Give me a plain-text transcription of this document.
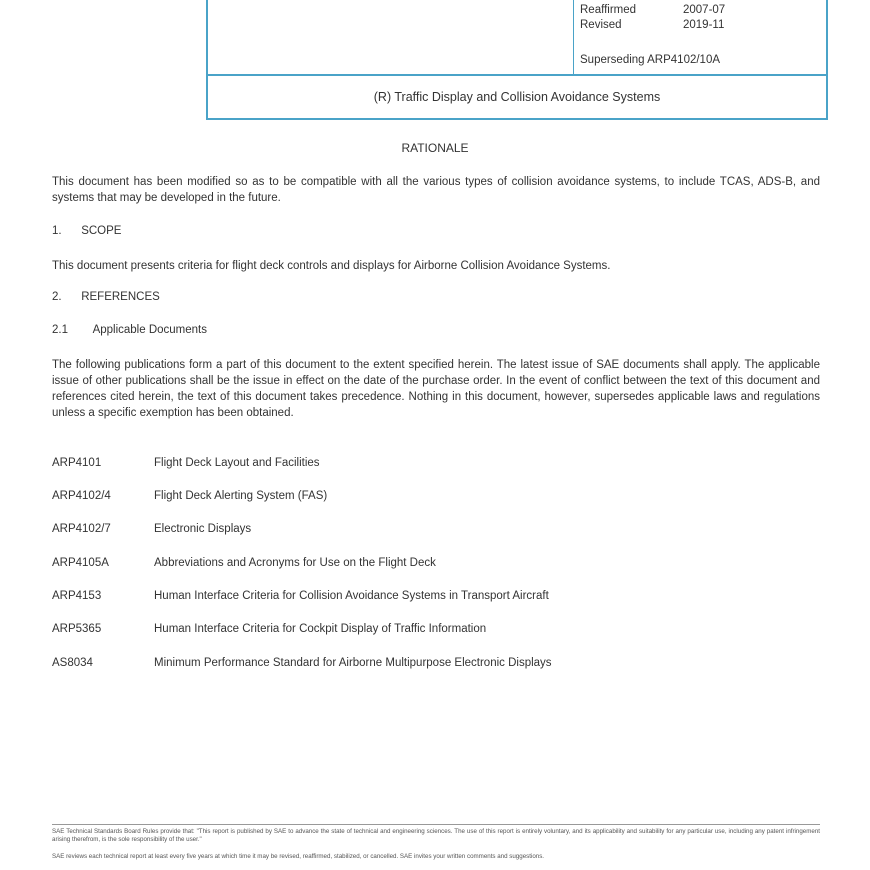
Reaffirmed	2007-07
Revised	2019-11
Superseding ARP4102/10A
(R) Traffic Display and Collision Avoidance Systems
RATIONALE
This document has been modified so as to be compatible with all the various types of collision avoidance systems, to include TCAS, ADS-B, and systems that may be developed in the future.
1. SCOPE
This document presents criteria for flight deck controls and displays for Airborne Collision Avoidance Systems.
2. REFERENCES
2.1 Applicable Documents
The following publications form a part of this document to the extent specified herein. The latest issue of SAE documents shall apply. The applicable issue of other publications shall be the issue in effect on the date of the purchase order. In the event of conflict between the text of this document and references cited herein, the text of this document takes precedence. Nothing in this document, however, supersedes applicable laws and regulations unless a specific exemption has been obtained.
ARP4101	Flight Deck Layout and Facilities
ARP4102/4	Flight Deck Alerting System (FAS)
ARP4102/7	Electronic Displays
ARP4105A	Abbreviations and Acronyms for Use on the Flight Deck
ARP4153	Human Interface Criteria for Collision Avoidance Systems in Transport Aircraft
ARP5365	Human Interface Criteria for Cockpit Display of Traffic Information
AS8034	Minimum Performance Standard for Airborne Multipurpose Electronic Displays
SAE Technical Standards Board Rules provide that: "This report is published by SAE to advance the state of technical and engineering sciences. The use of this report is entirely voluntary, and its applicability and suitability for any particular use, including any patent infringement arising therefrom, is the sole responsibility of the user."
SAE reviews each technical report at least every five years at which time it may be revised, reaffirmed, stabilized, or cancelled. SAE invites your written comments and suggestions.
